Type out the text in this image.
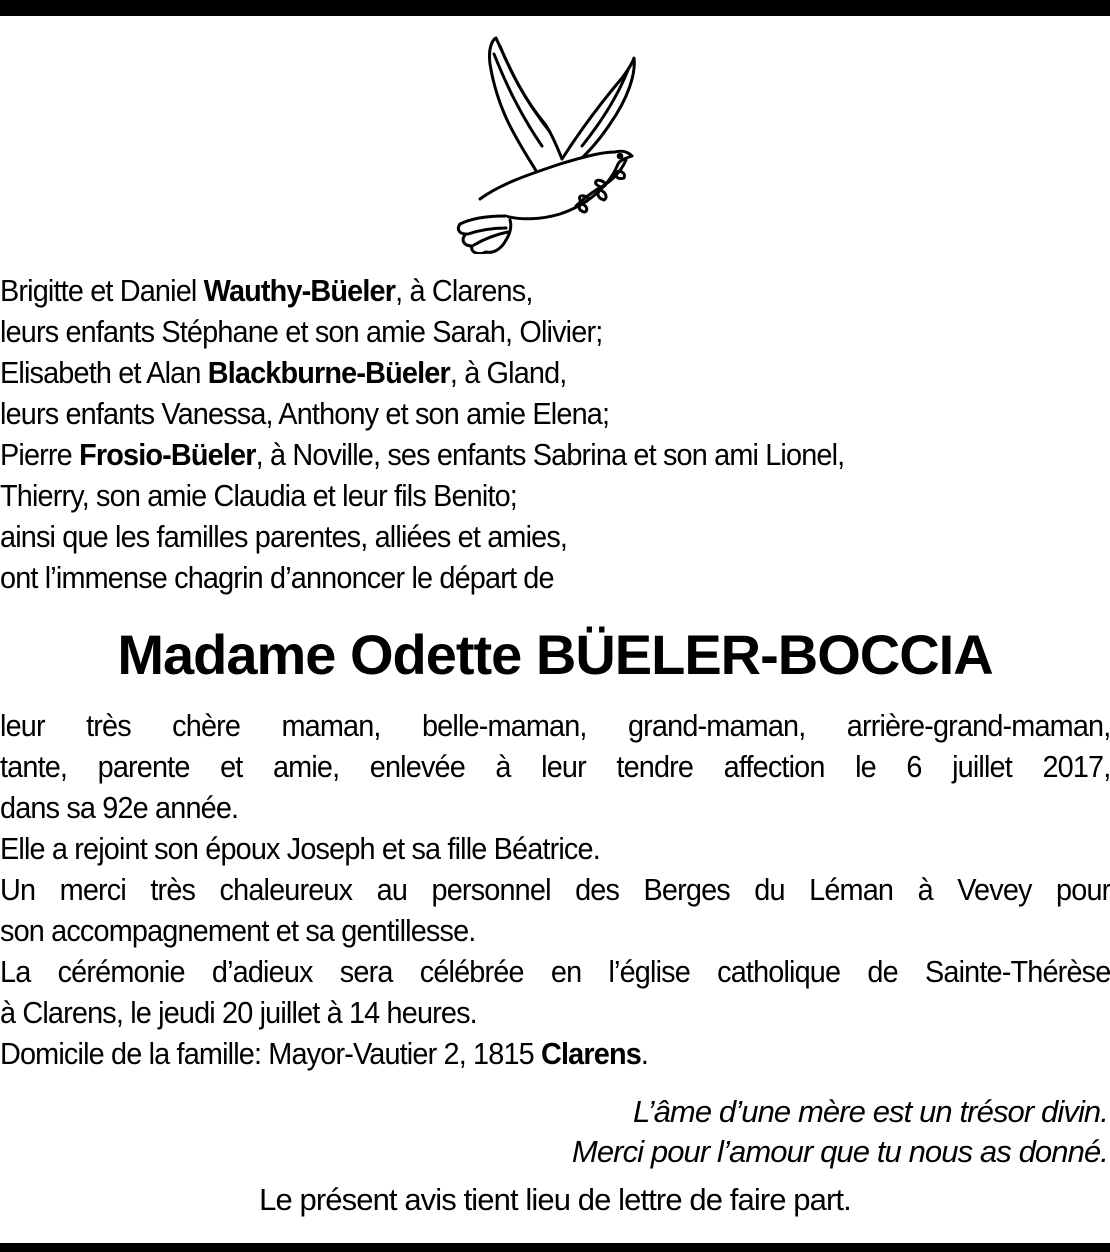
Brigitte et Daniel Wauthy-Büeler, à Clarens,
leurs enfants Stéphane et son amie Sarah, Olivier;
Elisabeth et Alan Blackburne-Büeler, à Gland,
leurs enfants Vanessa, Anthony et son amie Elena;
Pierre Frosio-Büeler, à Noville, ses enfants Sabrina et son ami Lionel,
Thierry, son amie Claudia et leur fils Benito;
ainsi que les familles parentes, alliées et amies,
ont l’immense chagrin d’annoncer le départ de
Madame Odette BÜELER-BOCCIA
leur très chère maman, belle-maman, grand-maman, arrière-grand-maman,
tante, parente et amie, enlevée à leur tendre affection le 6 juillet 2017,
dans sa 92e année.
Elle a rejoint son époux Joseph et sa fille Béatrice.
Un merci très chaleureux au personnel des Berges du Léman à Vevey pour
son accompagnement et sa gentillesse.
La cérémonie d’adieux sera célébrée en l’église catholique de Sainte-Thérèse
à Clarens, le jeudi 20 juillet à 14 heures.
Domicile de la famille: Mayor-Vautier 2, 1815 Clarens.
L’âme d’une mère est un trésor divin.
Merci pour l’amour que tu nous as donné.
Le présent avis tient lieu de lettre de faire part.
